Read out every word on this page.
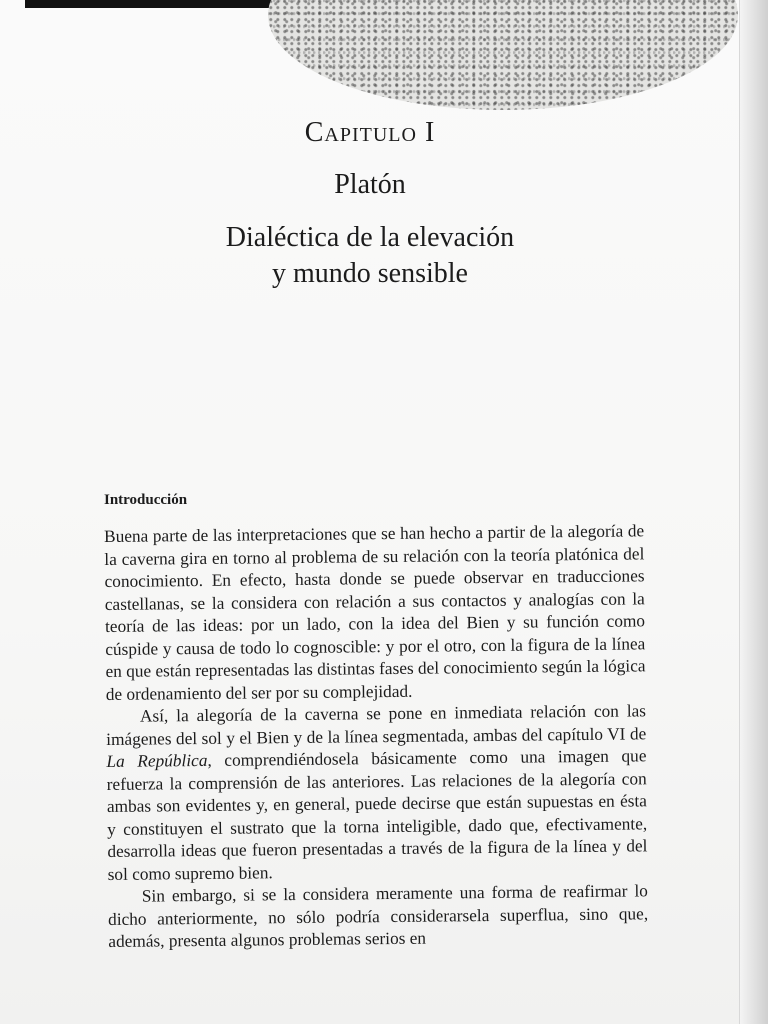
Capitulo I

Platón

Dialéctica de la elevación
y mundo sensible

Introducción

Buena parte de las interpretaciones que se han hecho a partir de la alegoría de la caverna gira en torno al problema de su relación con la teoría platónica del conocimiento. En efecto, hasta donde se puede observar en traducciones castellanas, se la considera con relación a sus contactos y analogías con la teoría de las ideas: por un lado, con la idea del Bien y su función como cúspide y causa de todo lo cognoscible: y por el otro, con la figura de la línea en que están representadas las distintas fases del conocimiento según la lógica de ordenamiento del ser por su complejidad.

Así, la alegoría de la caverna se pone en inmediata relación con las imágenes del sol y el Bien y de la línea segmentada, ambas del capítulo VI de La República, comprendiéndosela básicamente como una imagen que refuerza la comprensión de las anteriores. Las relaciones de la alegoría con ambas son evidentes y, en general, puede decirse que están supuestas en ésta y constituyen el sustrato que la torna inteligible, dado que, efectivamente, desarrolla ideas que fueron presentadas a través de la figura de la línea y del sol como supremo bien.

Sin embargo, si se la considera meramente una forma de reafirmar lo dicho anteriormente, no sólo podría considerarsela superflua, sino que, además, presenta algunos problemas serios en
